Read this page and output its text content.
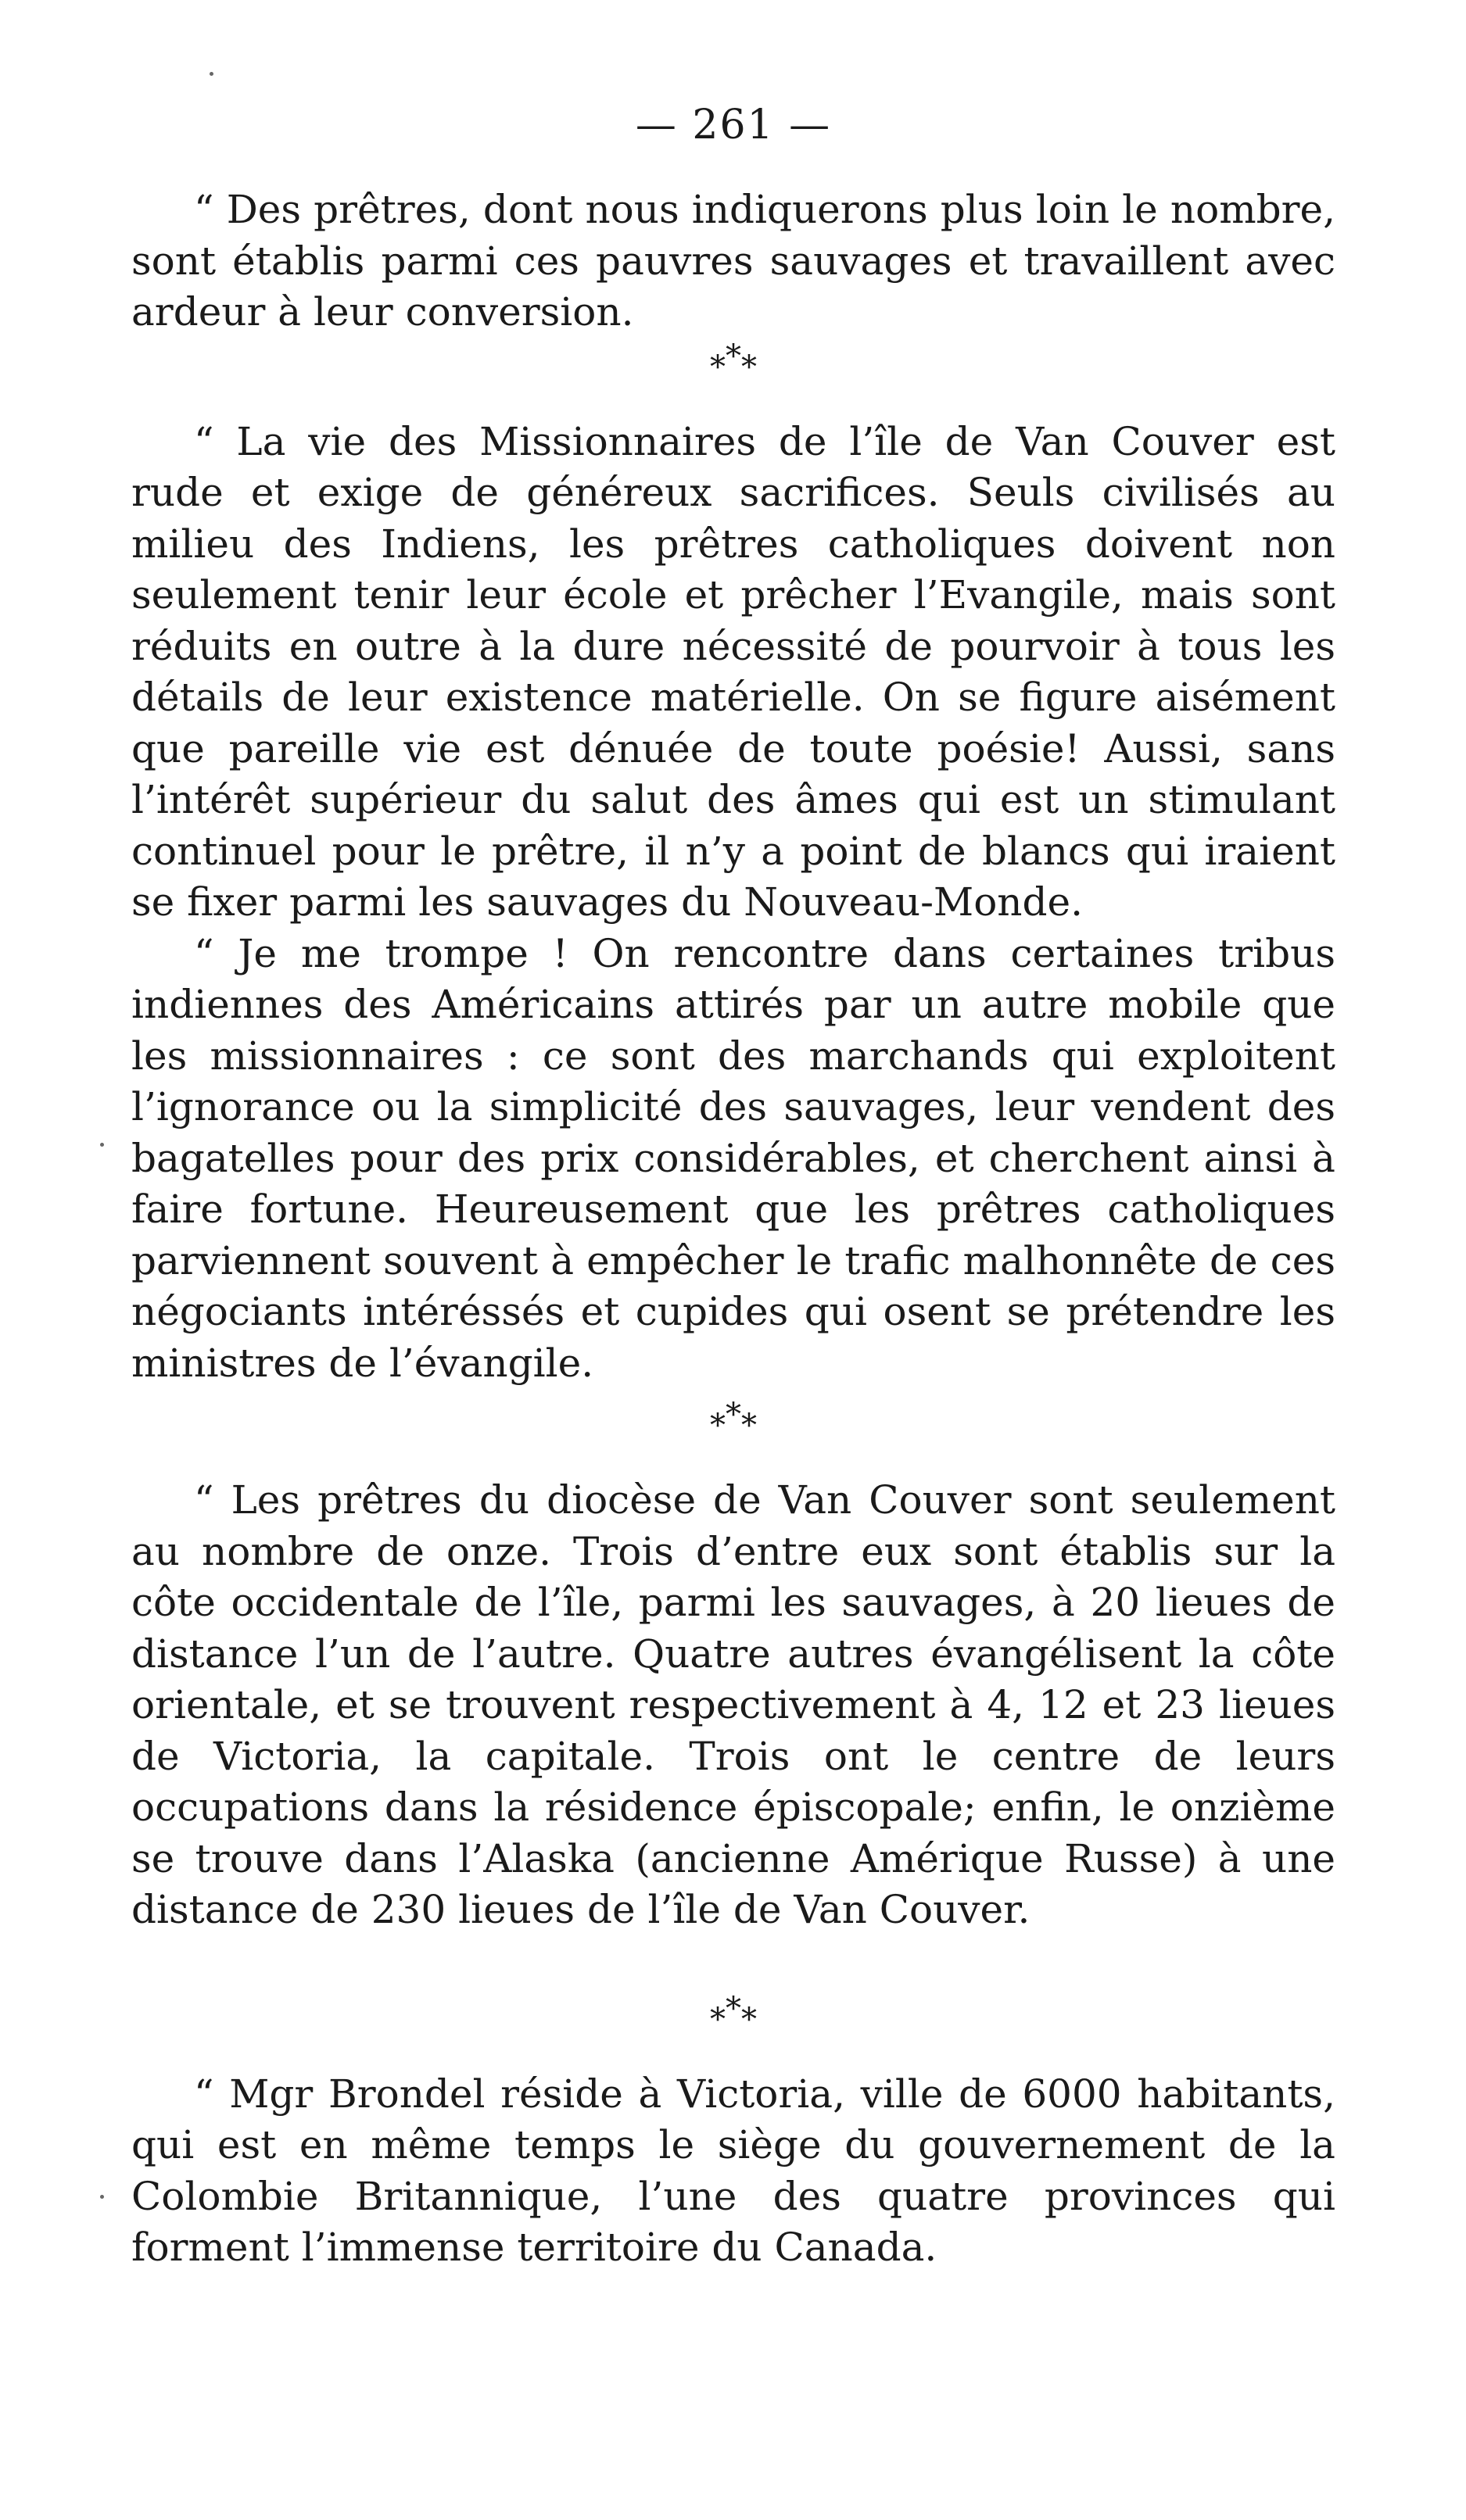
— 261 —

“ Des prêtres, dont nous indiquerons plus loin le nombre, sont établis parmi ces pauvres sauvages et travaillent avec ardeur à leur conversion.

***

“ La vie des Missionnaires de l’île de Van Couver est rude et exige de généreux sacrifices. Seuls civilisés au milieu des Indiens, les prêtres catholiques doivent non seulement tenir leur école et prêcher l’Evangile, mais sont réduits en outre à la dure nécessité de pourvoir à tous les détails de leur existence matérielle. On se figure aisément que pareille vie est dénuée de toute poésie! Aussi, sans l’intérêt supérieur du salut des âmes qui est un stimulant continuel pour le prêtre, il n’y a point de blancs qui iraient se fixer parmi les sauvages du Nouveau-Monde.

“ Je me trompe ! On rencontre dans certaines tribus indiennes des Américains attirés par un autre mobile que les missionnaires : ce sont des marchands qui exploitent l’ignorance ou la simplicité des sauvages, leur vendent des bagatelles pour des prix considérables, et cherchent ainsi à faire fortune. Heureusement que les prêtres catholiques parviennent souvent à empêcher le trafic malhonnête de ces négociants intéréssés et cupides qui osent se prétendre les ministres de l’évangile.

***

“ Les prêtres du diocèse de Van Couver sont seulement au nombre de onze. Trois d’entre eux sont établis sur la côte occidentale de l’île, parmi les sauvages, à 20 lieues de distance l’un de l’autre. Quatre autres évangélisent la côte orientale, et se trouvent respectivement à 4, 12 et 23 lieues de Victoria, la capitale. Trois ont le centre de leurs occupations dans la résidence épiscopale; enfin, le onzième se trouve dans l’Alaska (ancienne Amérique Russe) à une distance de 230 lieues de l’île de Van Couver.

***

“ Mgr Brondel réside à Victoria, ville de 6000 habitants, qui est en même temps le siège du gouvernement de la Colombie Britannique, l’une des quatre provinces qui forment l’immense territoire du Canada.
